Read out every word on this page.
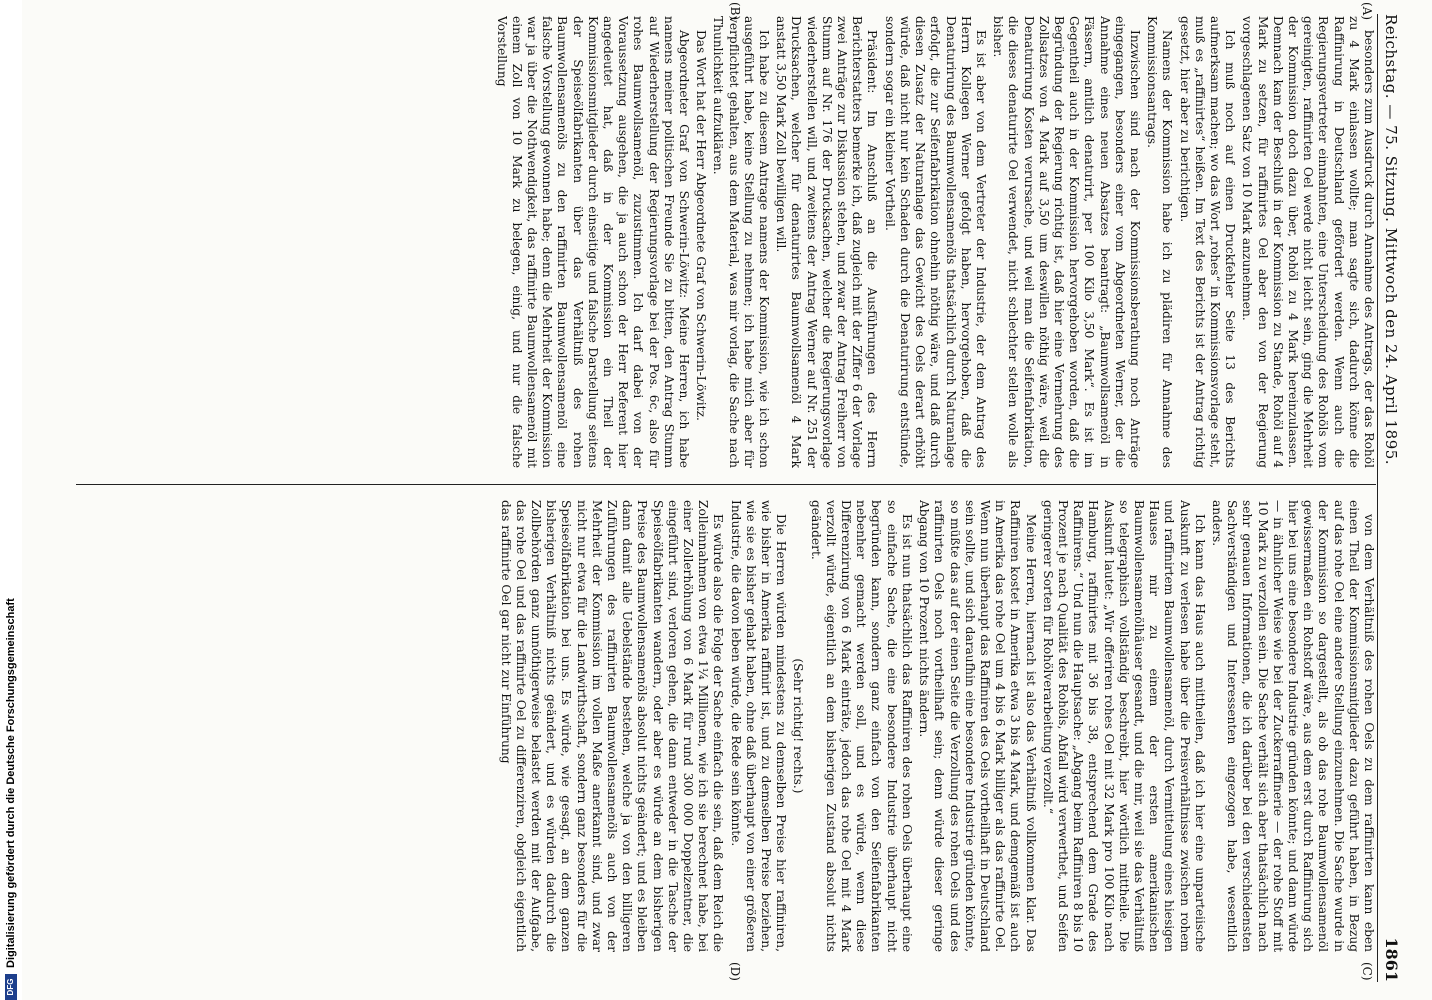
Reichstag. — 75. Sitzung. Mittwoch den 24. April 1895.
1861
(A)
(B)
(C)
(D)

besonders zum Ausdruck durch Annahme des Antrags, der das Rohöl zu 4 Mark einlassen wollte; man sagte sich, dadurch könne die Raffinirung in Deutschland gefördert werden. Wenn auch die Regierungsvertreter einmahnten, eine Unterscheidung des Rohöls vom gereinigten, raffinirten Oel werde nicht leicht sein, ging die Mehrheit der Kommission doch dazu über, Rohöl zu 4 Mark hereinzulassen. Demnach kam der Beschluß in der Kommission zu Stande, Rohöl auf 4 Mark zu setzen, für raffinirtes Oel aber den von der Regierung vorgeschlagenen Satz von 10 Mark anzunehmen.

Ich muß noch auf einen Druckfehler Seite 13 des Berichts aufmerksam machen; wo das Wort „rohes“ in Kommissionsvorlage steht, muß es „raffinirtes“ heißen. Im Text des Berichts ist der Antrag richtig gesetzt, hier aber zu berichtigen.

Namens der Kommission habe ich zu plädiren für Annahme des Kommissionsantrags.

Inzwischen sind nach der Kommissionsberathung noch Anträge eingegangen, besonders einer vom Abgeordneten Werner, der die Annahme eines neuen Absatzes beantragt: „Baumwollsamenöl in Fässern, amtlich denaturirt, per 100 Kilo 3,50 Mark“. Es ist im Gegentheil auch in der Kommission hervorgehoben worden, daß die Begründung der Regierung richtig ist, daß hier eine Vermehrung des Zollsatzes von 4 Mark auf 3,50 um deswillen nöthig wäre, weil die Denaturirung Kosten verursache, und weil man die Seifenfabrikation, die dieses denaturirte Oel verwendet, nicht schlechter stellen wolle als bisher.

Es ist aber von dem Vertreter der Industrie, der dem Antrag des Herrn Kollegen Werner gefolgt haben, hervorgehoben, daß die Denaturirung des Baumwollensamenöls thatsächlich durch Naturanlage erfolgt, die zur Seifenfabrikation ohnehin nöthig wäre, und daß durch diesen Zusatz der Naturanlage das Gewicht des Oels derart erhöht würde, daß nicht nur kein Schaden durch die Denaturirung entstünde, sondern sogar ein kleiner Vortheil.

Präsident: Im Anschluß an die Ausführungen des Herrn Berichterstatters bemerke ich, daß zugleich mit der Ziffer 6 der Vorlage zwei Anträge zur Diskussion stehen, und zwar der Antrag Freiherr von Stumm auf Nr. 176 der Drucksachen, welcher die Regierungsvorlage wiederherstellen will, und zweitens der Antrag Werner auf Nr. 251 der Drucksachen, welcher für denaturirtes Baumwollsamenöl 4 Mark anstatt 3,50 Mark Zoll bewilligen will.

Ich habe zu diesem Antrage namens der Kommission, wie ich schon ausgeführt habe, keine Stellung zu nehmen; ich habe mich aber für verpflichtet gehalten, aus dem Material, was mir vorlag, die Sache nach Thunlichkeit aufzuklären.

Das Wort hat der Herr Abgeordnete Graf von Schwerin-Löwitz.

Abgeordneter Graf von Schwerin-Löwitz: Meine Herren, ich habe namens meiner politischen Freunde Sie zu bitten, den Antrag Stumm auf Wiederherstellung der Regierungsvorlage bei der Pos. 6c, also für rohes Baumwollsamenöl, zuzustimmen. Ich darf dabei von der Voraussetzung ausgehen, die ja auch schon der Herr Referent hier angedeutet hat, daß in der Kommission ein Theil der Kommissionsmitglieder durch einseitige und falsche Darstellung seitens der Speiseölfabrikanten über das Verhältniß des rohen Baumwollensamenöls zu den raffinirten Baumwollensamenöl eine falsche Vorstellung gewonnen habe; denn die Mehrheit der Kommission war ja über die Nothwendigkeit, das raffinirte Baumwollensamenöl mit einem Zoll von 10 Mark zu belegen, einig, und nur die falsche Vorstellung

von dem Verhältniß des rohen Oels zu dem raffinirten kann eben einen Theil der Kommissionsmitglieder dazu geführt haben, in Bezug auf das rohe Oel eine andere Stellung einzunehmen. Die Sache wurde in der Kommission so dargestellt, als ob das rohe Baumwollensamenöl gewissermaßen ein Rohstoff wäre, aus dem erst durch Raffinirung sich hier bei uns eine besondere Industrie gründen könnte; und dann würde — in ähnlicher Weise wie bei der Zuckerraffinerie — der rohe Stoff mit 10 Mark zu verzollen sein. Die Sache verhält sich aber thatsächlich nach sehr genauen Informationen, die ich darüber bei den verschiedensten Sachverständigen und Interessenten eingezogen habe, wesentlich anders.

Ich kann das Haus auch mittheilen, daß ich hier eine unparteiische Auskunft zu verlesen habe über die Preisverhältnisse zwischen rohem und raffinirtem Baumwollensamenöl, durch Vermittelung eines hiesigen Hauses mir zu einem der ersten amerikanischen Baumwollensamenölhäuser gesandt, und die mir, weil sie das Verhältniß so telegraphisch vollständig beschreibt, hier wörtlich mittheile. Die Auskunft lautet: „Wir offeriren rohes Oel mit 32 Mark pro 100 Kilo nach Hamburg, raffinirtes mit 36 bis 38, entsprechend dem Grade des Raffinirens.“ Und nun die Hauptsache: „Abgang beim Raffiniren 8 bis 10 Prozent je nach Qualität des Rohöls, Abfall wird verwerthet, und Seifen geringerer Sorten für Rohölverarbeitung verzollt.“

Meine Herren, hiernach ist also das Verhältniß vollkommen klar. Das Raffiniren kostet in Amerika etwa 3 bis 4 Mark, und demgemäß ist auch in Amerika das rohe Oel um 4 bis 6 Mark billiger als das raffinirte Oel. Wenn nun überhaupt das Raffiniren des Oels vortheilhaft in Deutschland sein sollte, und sich daraufhin eine besondere Industrie gründen könnte, so müßte das auf der einen Seite die Verzollung des rohen Oels und des raffinirten Oels noch vortheilhaft sein; denn würde dieser geringe Abgang von 10 Prozent nichts ändern.

Es ist nun thatsächlich das Raffiniren des rohen Oels überhaupt eine so einfache Sache, die eine besondere Industrie überhaupt nicht begründen kann, sondern ganz einfach von den Seifenfabrikanten nebenher gemacht werden soll, und es würde, wenn diese Differenzirung von 6 Mark einträte, jedoch das rohe Oel mit 4 Mark verzollt würde, eigentlich an dem bisherigen Zustand absolut nichts geändert.

(Sehr richtig! rechts.)

Die Herren würden mindestens zu demselben Preise hier raffiniren, wie bisher in Amerika raffinirt ist, und zu demselben Preise beziehen, wie sie es bisher gehabt haben, ohne daß überhaupt von einer größeren Industrie, die davon leben würde, die Rede sein könnte.

Es würde also die Folge der Sache einfach die sein, daß dem Reich die Zolleinnahmen von etwa 1¼ Millionen, wie ich sie berechnet habe, bei einer Zollerhöhung von 6 Mark für rund 300 000 Doppelzentner, die eingeführt sind, verloren gehen, die dann entweder in die Tasche der Speiseölfabrikanten wandern, oder aber es würde an dem bisherigen Preise des Baumwollensamenöls absolut nichts geändert; und es bleiben dann damit alle Uebelstände bestehen, welche ja von den billigeren Zuführungen des raffinirten Baumwollensamenöls auch von der Mehrheit der Kommission im vollen Maße anerkannt sind, und zwar nicht nur etwa für die Landwirthschaft, sondern ganz besonders für die Speiseölfabrikation bei uns. Es würde, wie gesagt, an dem ganzen bisherigen Verhältniß nichts geändert, und es würden dadurch die Zollbehörden ganz unnöthigerweise belastet werden mit der Aufgabe, das rohe Oel und das raffinirte Oel zu differenziren, obgleich eigentlich das raffinirte Oel gar nicht zur Einführung

DFG
Digitalisierung gefördert durch die Deutsche Forschungsgemeinschaft
